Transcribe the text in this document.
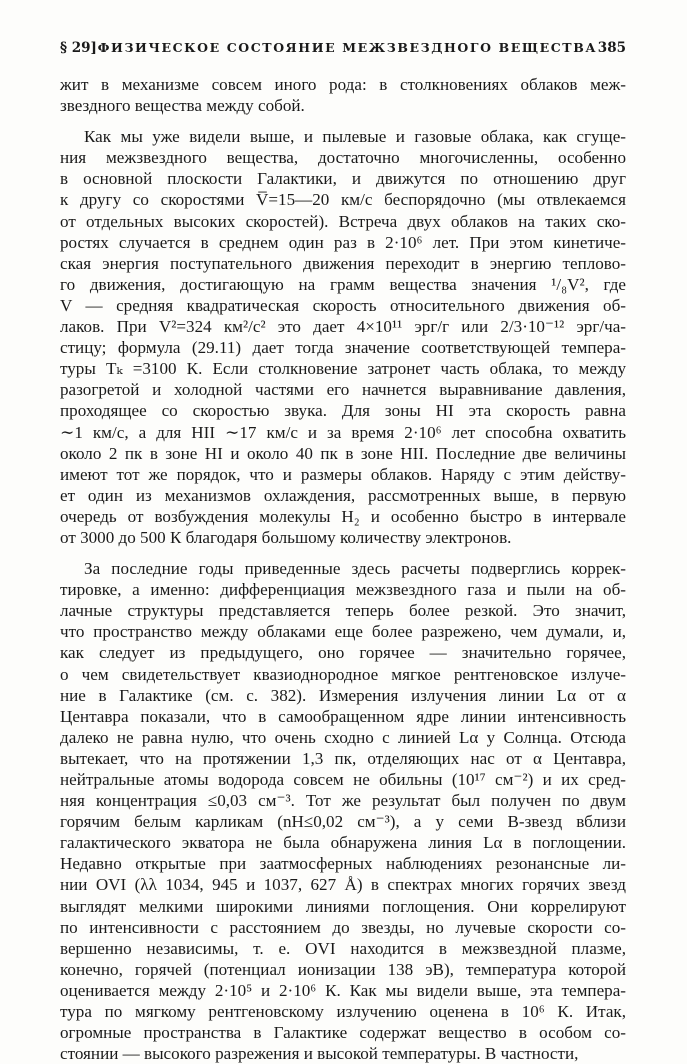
§ 29] ФИЗИЧЕСКОЕ СОСТОЯНИЕ МЕЖЗВЕЗДНОГО ВЕЩЕСТВА 385
жит в механизме совсем иного рода: в столкновениях облаков меж-
звездного вещества между собой.
Как мы уже видели выше, и пылевые и газовые облака, как сгуще-
ния межзвездного вещества, достаточно многочисленны, особенно
в основной плоскости Галактики, и движутся по отношению друг
к другу со скоростями V̅=15—20 км/с беспорядочно (мы отвлекаемся
от отдельных высоких скоростей). Встреча двух облаков на таких ско-
ростях случается в среднем один раз в 2·10⁶ лет. При этом кинетиче-
ская энергия поступательного движения переходит в энергию теплово-
го движения, достигающую на грамм вещества значения ¹/₈V², где
V — средняя квадратическая скорость относительного движения об-
лаков. При V²=324 км²/с² это дает 4×10¹¹ эрг/г или 2/3·10⁻¹² эрг/ча-
стицу; формула (29.11) дает тогда значение соответствующей темпера-
туры Tₖ =3100 К. Если столкновение затронет часть облака, то между
разогретой и холодной частями его начнется выравнивание давления,
проходящее со скоростью звука. Для зоны HI эта скорость равна
∼1 км/с, а для HII ∼17 км/с и за время 2·10⁶ лет способна охватить
около 2 пк в зоне HI и около 40 пк в зоне HII. Последние две величины
имеют тот же порядок, что и размеры облаков. Наряду с этим действу-
ет один из механизмов охлаждения, рассмотренных выше, в первую
очередь от возбуждения молекулы H₂ и особенно быстро в интервале
от 3000 до 500 К благодаря большому количеству электронов.
За последние годы приведенные здесь расчеты подверглись коррек-
тировке, а именно: дифференциация межзвездного газа и пыли на об-
лачные структуры представляется теперь более резкой. Это значит,
что пространство между облаками еще более разрежено, чем думали, и,
как следует из предыдущего, оно горячее — значительно горячее,
о чем свидетельствует квазиоднородное мягкое рентгеновское излуче-
ние в Галактике (см. с. 382). Измерения излучения линии Lα от α
Центавра показали, что в самообращенном ядре линии интенсивность
далеко не равна нулю, что очень сходно с линией Lα у Солнца. Отсюда
вытекает, что на протяжении 1,3 пк, отделяющих нас от α Центавра,
нейтральные атомы водорода совсем не обильны (10¹⁷ см⁻²) и их сред-
няя концентрация ≤0,03 см⁻³. Тот же результат был получен по двум
горячим белым карликам (nH≤0,02 см⁻³), а у семи В-звезд вблизи
галактического экватора не была обнаружена линия Lα в поглощении.
Недавно открытые при заатмосферных наблюдениях резонансные ли-
нии OVI (λλ 1034, 945 и 1037, 627 Å) в спектрах многих горячих звезд
выглядят мелкими широкими линиями поглощения. Они коррелируют
по интенсивности с расстоянием до звезды, но лучевые скорости со-
вершенно независимы, т. е. OVI находится в межзвездной плазме,
конечно, горячей (потенциал ионизации 138 эВ), температура которой
оценивается между 2·10⁵ и 2·10⁶ К. Как мы видели выше, эта темпера-
тура по мягкому рентгеновскому излучению оценена в 10⁶ К. Итак,
огромные пространства в Галактике содержат вещество в особом со-
стоянии — высокого разрежения и высокой температуры. В частности,
